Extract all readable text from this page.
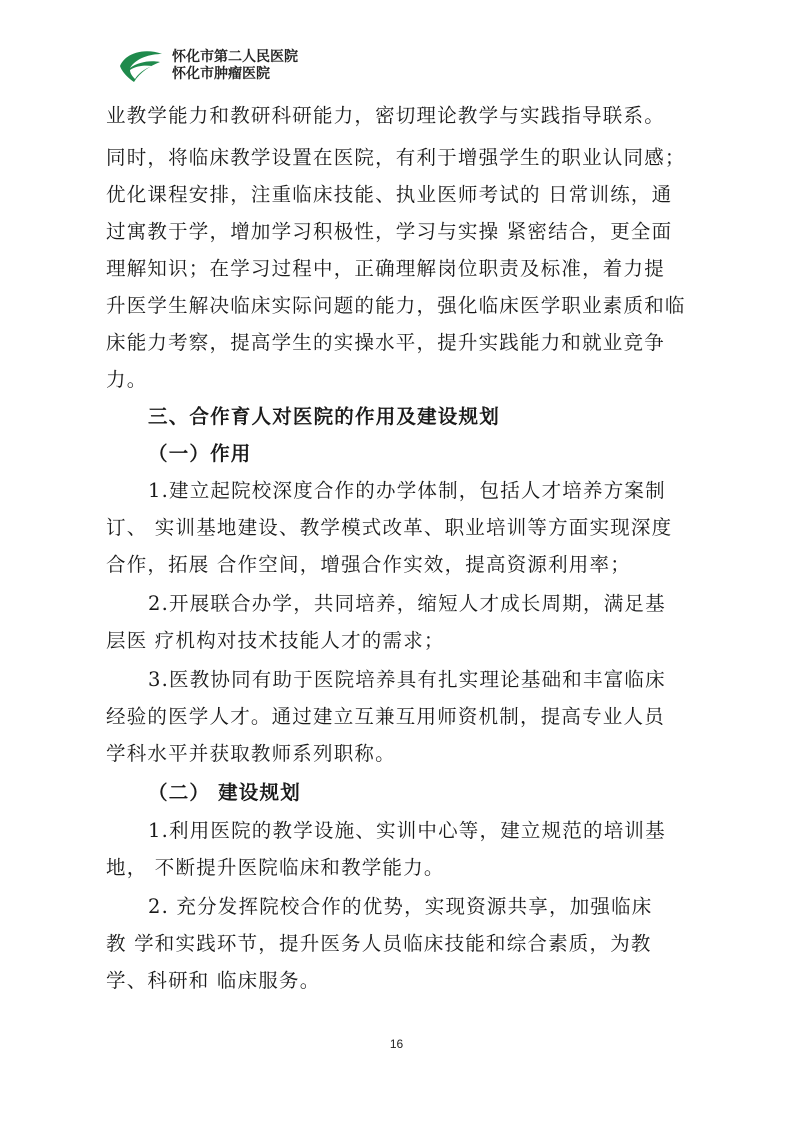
怀化市第二人民医院
怀化市肿瘤医院
业教学能力和教研科研能力，密切理论教学与实践指导联系。
同时，将临床教学设置在医院，有利于增强学生的职业认同感；
优化课程安排，注重临床技能、执业医师考试的 日常训练，通
过寓教于学，增加学习积极性，学习与实操 紧密结合，更全面
理解知识；在学习过程中，正确理解岗位职责及标准，着力提
升医学生解决临床实际问题的能力，强化临床医学职业素质和临
床能力考察，提高学生的实操水平，提升实践能力和就业竞争
力。
三、合作育人对医院的作用及建设规划
（一）作用
1.建立起院校深度合作的办学体制，包括人才培养方案制
订、 实训基地建设、教学模式改革、职业培训等方面实现深度
合作，拓展 合作空间，增强合作实效，提高资源利用率；
2.开展联合办学，共同培养，缩短人才成长周期，满足基
层医 疗机构对技术技能人才的需求；
3.医教协同有助于医院培养具有扎实理论基础和丰富临床
经验的医学人才。通过建立互兼互用师资机制，提高专业人员
学科水平并获取教师系列职称。
（二） 建设规划
1.利用医院的教学设施、实训中心等，建立规范的培训基
地， 不断提升医院临床和教学能力。
2. 充分发挥院校合作的优势，实现资源共享，加强临床
教 学和实践环节，提升医务人员临床技能和综合素质，为教
学、科研和 临床服务。
16
